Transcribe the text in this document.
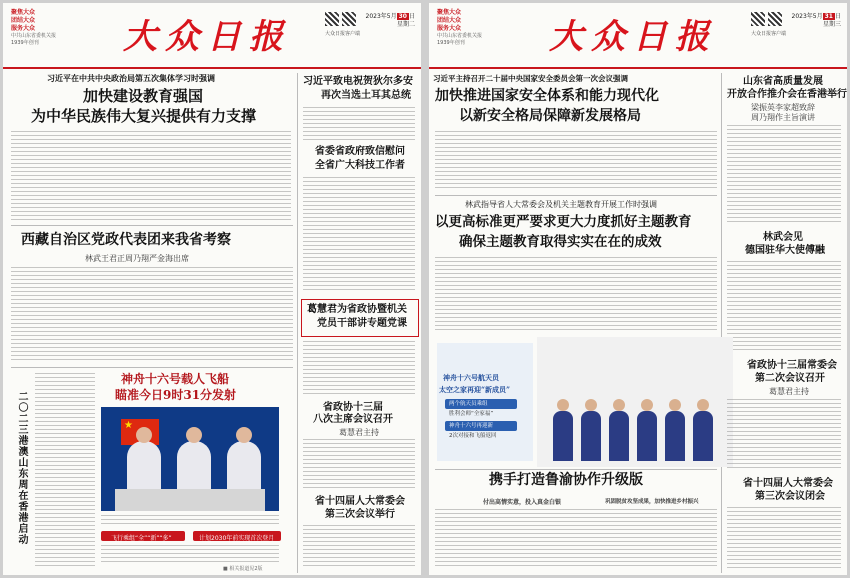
聚焦大众
团结大众
服务大众
中共山东省委机关报
1939年创刊	大众日报	大众日报客户端
2023年5月 30 日
星期二
习近平在中共中央政治局第五次集体学习时强调
加快建设教育强国
为中华民族伟大复兴提供有力支撑
习近平致电祝贺狄尔多安
再次当选土耳其总统
省委省政府致信慰问
全省广大科技工作者
西藏自治区党政代表团来我省考察
林武王君正周乃翔严金海出席
葛慧君为省政协暨机关
党员干部讲专题党课
省政协十三届
八次主席会议召开
葛慧君主持
省十四届人大常委会
第三次会议举行
二〇二三港澳山东周在香港启动
神舟十六号载人飞船
瞄准今日9时31分发射
★
飞行乘组“全”“新”“多”	计划2030年前实现首次登月
■ 相关报道见2版
聚焦大众
团结大众
服务大众
中共山东省委机关报
1939年创刊	大众日报	大众日报客户端
2023年5月 31 日
星期三
习近平主持召开二十届中央国家安全委员会第一次会议强调
加快推进国家安全体系和能力现代化
以新安全格局保障新发展格局
山东省高质量发展
开放合作推介会在香港举行
梁振英李家超致辞
周乃翔作主旨演讲
林武指导省人大常委会及机关主题教育开展工作时强调
以更高标准更严要求更大力度抓好主题教育
确保主题教育取得实实在在的成效	林武会见
德国驻华大使傅融
神舟十六号航天员
太空之家再迎“新成员”
两个航天员乘组
胜利会师“全家福”
神舟十六号再迎新
2次对接和飞船返回
省政协十三届常委会
第二次会议召开
葛慧君主持
携手打造鲁渝协作升级版
付出高情实意，投入真金白银	巩固脱贫攻坚成果，加快推进乡村振兴
省十四届人大常委会
第三次会议闭会
